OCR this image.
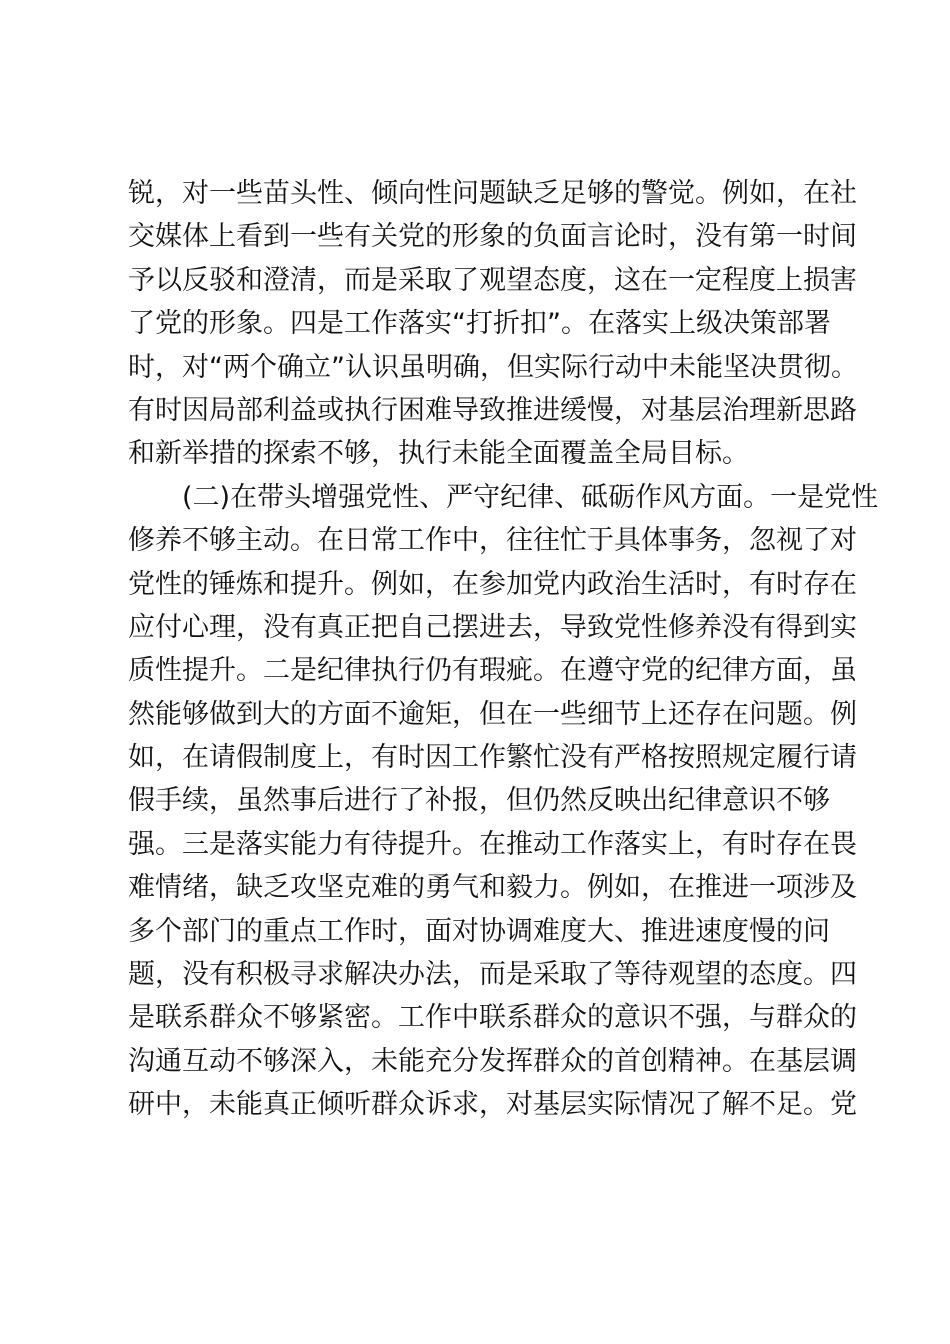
锐，对一些苗头性、倾向性问题缺乏足够的警觉。例如，在社
交媒体上看到一些有关党的形象的负面言论时，没有第一时间
予以反驳和澄清，而是采取了观望态度，这在一定程度上损害
了党的形象。四是工作落实“打折扣”。在落实上级决策部署
时，对“两个确立”认识虽明确，但实际行动中未能坚决贯彻。
有时因局部利益或执行困难导致推进缓慢，对基层治理新思路
和新举措的探索不够，执行未能全面覆盖全局目标。
(二)在带头增强党性、严守纪律、砥砺作风方面。一是党性
修养不够主动。在日常工作中，往往忙于具体事务，忽视了对
党性的锤炼和提升。例如，在参加党内政治生活时，有时存在
应付心理，没有真正把自己摆进去，导致党性修养没有得到实
质性提升。二是纪律执行仍有瑕疵。在遵守党的纪律方面，虽
然能够做到大的方面不逾矩，但在一些细节上还存在问题。例
如，在请假制度上，有时因工作繁忙没有严格按照规定履行请
假手续，虽然事后进行了补报，但仍然反映出纪律意识不够
强。三是落实能力有待提升。在推动工作落实上，有时存在畏
难情绪，缺乏攻坚克难的勇气和毅力。例如，在推进一项涉及
多个部门的重点工作时，面对协调难度大、推进速度慢的问
题，没有积极寻求解决办法，而是采取了等待观望的态度。四
是联系群众不够紧密。工作中联系群众的意识不强，与群众的
沟通互动不够深入，未能充分发挥群众的首创精神。在基层调
研中，未能真正倾听群众诉求，对基层实际情况了解不足。党
